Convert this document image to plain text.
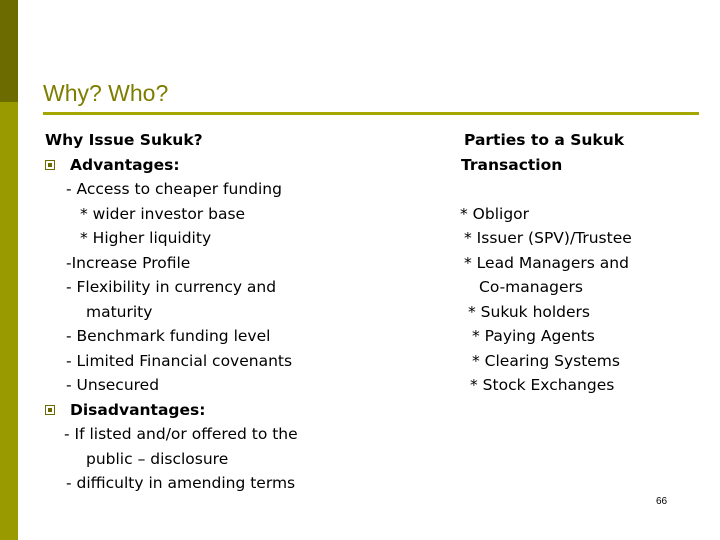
Why? Who?
Why Issue Sukuk?
Advantages:
- Access to cheaper funding
* wider investor base
* Higher liquidity
-Increase Profile
- Flexibility in currency and
maturity
- Benchmark funding level
- Limited Financial covenants
- Unsecured
Disadvantages:
- If listed and/or offered to the
public – disclosure
- difficulty in amending terms
Parties to a Sukuk
Transaction
* Obligor
* Issuer (SPV)/Trustee
* Lead Managers and
Co-managers
* Sukuk holders
* Paying Agents
* Clearing Systems
* Stock Exchanges
66
